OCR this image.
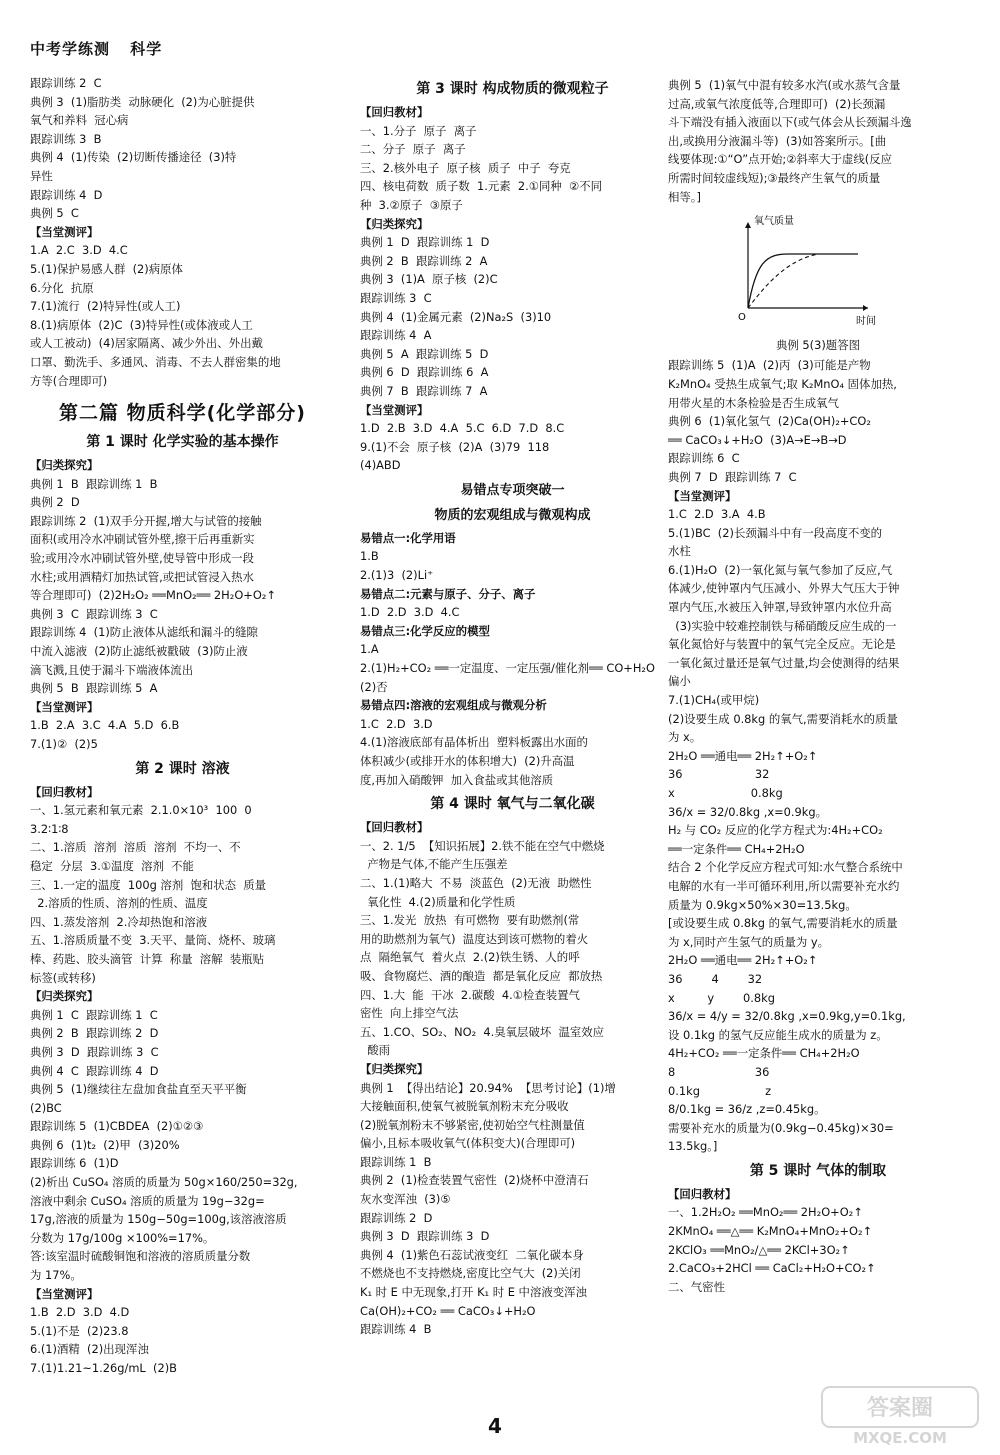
中考学练测 科学
跟踪训练 2  C
典例 3  (1)脂肪类  动脉硬化  (2)为心脏提供
氧气和养料  冠心病
跟踪训练 3  B
典例 4  (1)传染  (2)切断传播途径  (3)特
异性
跟踪训练 4  D
典例 5  C
【当堂测评】
1.A  2.C  3.D  4.C
5.(1)保护易感人群  (2)病原体
6.分化  抗原
7.(1)流行  (2)特异性(或人工)
8.(1)病原体  (2)C  (3)特异性(或体液或人工
或人工被动)  (4)居家隔离、减少外出、外出戴
口罩、勤洗手、多通风、消毒、不去人群密集的地
方等(合理即可)
第二篇 物质科学(化学部分)
第 1 课时 化学实验的基本操作
【归类探究】
典例 1  B  跟踪训练 1  B
典例 2  D
跟踪训练 2  (1)双手分开握,增大与试管的接触
面积(或用冷水冲刷试管外壁,擦干后再重新实
验;或用冷水冲刷试管外壁,使导管中形成一段
水柱;或用酒精灯加热试管,或把试管浸入热水
等合理即可)  (2)2H₂O₂ ══MnO₂══ 2H₂O+O₂↑
典例 3  C  跟踪训练 3  C
跟踪训练 4  (1)防止液体从滤纸和漏斗的缝隙
中流入滤液  (2)防止滤纸被戳破  (3)防止液
滴飞溅,且使于漏斗下端液体流出
典例 5  B  跟踪训练 5  A
【当堂测评】
1.B  2.A  3.C  4.A  5.D  6.B
7.(1)②  (2)5
第 2 课时 溶液
【回归教材】
一、1.氢元素和氧元素  2.1.0×10³  100  0
3.2∶1∶8
二、1.溶质  溶剂  溶质  溶剂  不均一、不
稳定  分层  3.①温度  溶剂  不能
三、1.一定的温度  100g 溶剂  饱和状态  质量
2.溶质的性质、溶剂的性质、温度
四、1.蒸发溶剂  2.冷却热饱和溶液
五、1.溶质质量不变  3.天平、量筒、烧杯、玻璃
棒、药匙、胶头滴管  计算  称量  溶解  装瓶贴
标签(或转移)
【归类探究】
典例 1  C  跟踪训练 1  C
典例 2  B  跟踪训练 2  D
典例 3  D  跟踪训练 3  C
典例 4  C  跟踪训练 4  D
典例 5  (1)继续往左盘加食盐直至天平平衡
(2)BC
跟踪训练 5  (1)CBDEA  (2)①②③
典例 6  (1)t₂  (2)甲  (3)20%
跟踪训练 6  (1)D
(2)析出 CuSO₄ 溶质的质量为 50g×160/250=32g,
溶液中剩余 CuSO₄ 溶质的质量为 19g−32g=
17g,溶液的质量为 150g−50g=100g,该溶液溶质
分数为 17g/100g ×100%=17%。
答:该室温时硫酸铜饱和溶液的溶质质量分数
为 17%。
【当堂测评】
1.B  2.D  3.D  4.D
5.(1)不是  (2)23.8
6.(1)酒精  (2)出现浑浊
7.(1)1.21~1.26g/mL  (2)B
第 3 课时 构成物质的微观粒子
【回归教材】
一、1.分子  原子  离子
二、分子  原子  离子
三、2.核外电子  原子核  质子  中子  夸克
四、核电荷数  质子数  1.元素  2.①同种  ②不同
种  3.②原子  ③原子
【归类探究】
典例 1  D  跟踪训练 1  D
典例 2  B  跟踪训练 2  A
典例 3  (1)A  原子核  (2)C
跟踪训练 3  C
典例 4  (1)金属元素  (2)Na₂S  (3)10
跟踪训练 4  A
典例 5  A  跟踪训练 5  D
典例 6  D  跟踪训练 6  A
典例 7  B  跟踪训练 7  A
【当堂测评】
1.D  2.B  3.D  4.A  5.C  6.D  7.D  8.C
9.(1)不会  原子核  (2)A  (3)79  118
(4)ABD
易错点专项突破一
物质的宏观组成与微观构成
易错点一:化学用语
1.B
2.(1)3  (2)Li⁺
易错点二:元素与原子、分子、离子
1.D  2.D  3.D  4.C
易错点三:化学反应的模型
1.A
2.(1)H₂+CO₂ ══一定温度、一定压强/催化剂══ CO+H₂O
(2)否
易错点四:溶液的宏观组成与微观分析
1.C  2.D  3.D
4.(1)溶液底部有晶体析出  塑料板露出水面的
体积减少(或排开水的体积增大)  (2)升高温
度,再加入硝酸钾  加入食盐或其他溶质
第 4 课时 氧气与二氧化碳
【回归教材】
一、2. 1/5  【知识拓展】2.铁不能在空气中燃烧
产物是气体,不能产生压强差
二、1.(1)略大  不易  淡蓝色  (2)无液  助燃性
氧化性  4.(2)质量和化学性质
三、1.发光  放热  有可燃物  要有助燃剂(常
用的助燃剂为氧气)  温度达到该可燃物的着火
点  隔绝氧气  着火点  2.(2)铁生锈、人的呼
吸、食物腐烂、酒的酿造  都是氧化反应  都放热
四、1.大  能  干冰  2.碳酸  4.①检查装置气
密性  向上排空气法
五、1.CO、SO₂、NO₂  4.臭氧层破坏  温室效应
酸雨
【归类探究】
典例 1  【得出结论】20.94%  【思考讨论】(1)增
大接触面积,使氧气被脱氧剂粉末充分吸收
(2)脱氧剂粉末不够紧密,使初始空气柱测量值
偏小,且标本吸收氧气(体积变大)(合理即可)
跟踪训练 1  B
典例 2  (1)检查装置气密性  (2)烧杯中澄清石
灰水变浑浊  (3)⑤
跟踪训练 2  D
典例 3  D  跟踪训练 3  D
典例 4  (1)紫色石蕊试液变红  二氧化碳本身
不燃烧也不支持燃烧,密度比空气大  (2)关闭
K₁ 时 E 中无现象,打开 K₁ 时 E 中溶液变浑浊
Ca(OH)₂+CO₂ ══ CaCO₃↓+H₂O
跟踪训练 4  B
典例 5  (1)氧气中混有较多水汽(或水蒸气含量
过高,或氧气浓度低等,合理即可)  (2)长颈漏
斗下端没有插入液面以下(或气体会从长颈漏斗逸
出,或换用分液漏斗等)  (3)如答案所示。[曲
线要体现:①“O”点开始;②斜率大于虚线(反应
所需时间较虚线短);③最终产生氧气的质量
相等。]
氧气质量
时间
O
典例 5(3)题答图
跟踪训练 5  (1)A  (2)丙  (3)可能是产物
K₂MnO₄ 受热生成氧气;取 K₂MnO₄ 固体加热,
用带火星的木条检验是否生成氧气
典例 6  (1)氧化氢气  (2)Ca(OH)₂+CO₂
══ CaCO₃↓+H₂O  (3)A→E→B→D
跟踪训练 6  C
典例 7  D  跟踪训练 7  C
【当堂测评】
1.C  2.D  3.A  4.B
5.(1)BC  (2)长颈漏斗中有一段高度不变的
水柱
6.(1)H₂O  (2)一氧化氮与氧气参加了反应,气
体减少,使钟罩内气压减小、外界大气压大于钟
罩内气压,水被压入钟罩,导致钟罩内水位升高
(3)实验中较难控制铁与稀硝酸反应生成的一
氧化氮恰好与装置中的氧气完全反应。无论是
一氧化氮过量还是氧气过量,均会使测得的结果
偏小
7.(1)CH₄(或甲烷)
(2)设要生成 0.8kg 的氧气,需要消耗水的质量
为 x。
2H₂O ══通电══ 2H₂↑+O₂↑
36                    32
x                     0.8kg
36/x = 32/0.8kg ,x=0.9kg。
H₂ 与 CO₂ 反应的化学方程式为:4H₂+CO₂
══一定条件══ CH₄+2H₂O
结合 2 个化学反应方程式可知:水气整合系统中
电解的水有一半可循环利用,所以需要补充水约
质量为 0.9kg×50%×30=13.5kg。
[或设要生成 0.8kg 的氧气,需要消耗水的质量
为 x,同时产生氢气的质量为 y。
2H₂O ══通电══ 2H₂↑+O₂↑
36        4        32
x         y        0.8kg
36/x = 4/y = 32/0.8kg ,x=0.9kg,y=0.1kg,
设 0.1kg 的氢气反应能生成水的质量为 z。
4H₂+CO₂ ══一定条件══ CH₄+2H₂O
8                      36
0.1kg                  z
8/0.1kg = 36/z ,z=0.45kg。
需要补充水的质量为(0.9kg−0.45kg)×30=
13.5kg。]
第 5 课时 气体的制取
【回归教材】
一、1.2H₂O₂ ══MnO₂══ 2H₂O+O₂↑
2KMnO₄ ══△══ K₂MnO₄+MnO₂+O₂↑
2KClO₃ ══MnO₂/△══ 2KCl+3O₂↑
2.CaCO₃+2HCl ══ CaCl₂+H₂O+CO₂↑
二、气密性
4
答案圈
MXQE.COM
